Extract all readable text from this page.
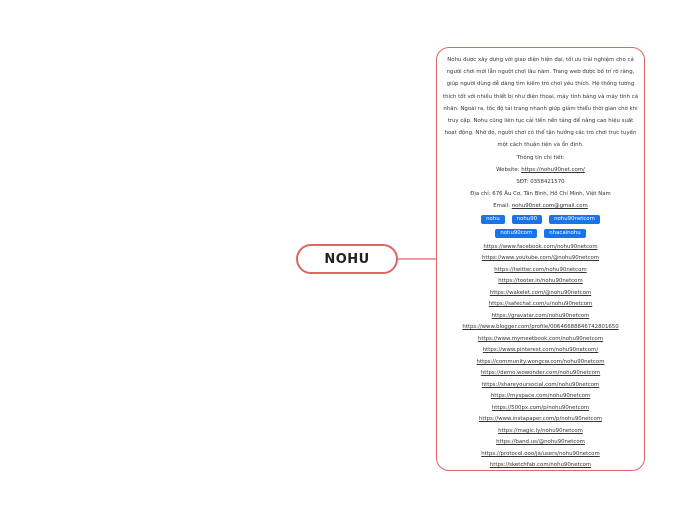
NOHU

Nohu được xây dựng với giao diện hiện đại, tối ưu trải nghiệm cho cả người chơi mới lẫn người chơi lâu năm. Trang web được bố trí rõ ràng, giúp người dùng dễ dàng tìm kiếm trò chơi yêu thích. Hệ thống tương thích tốt với nhiều thiết bị như điện thoại, máy tính bảng và máy tính cá nhân. Ngoài ra, tốc độ tải trang nhanh giúp giảm thiểu thời gian chờ khi truy cập. Nohu cũng liên tục cải tiến nền tảng để nâng cao hiệu suất hoạt động. Nhờ đó, người chơi có thể tận hưởng các trò chơi trực tuyến một cách thuận tiện và ổn định.

Thông tin chi tiết:

Website: https://nohu90net.com/

SĐT: 0358421570

Địa chỉ: 676 Âu Cơ, Tân Bình, Hồ Chí Minh, Việt Nam

Email: nohu90net.com@gmail.com

nohu	nohu90	nohu90netcom
nohu90com	nhacainohu
https://www.facebook.com/nohu90netcom
https://www.youtube.com/@nohu90netcom
https://twitter.com/nohu90netcom
https://tooter.in/nohu90netcom
https://wakelet.com/@nohu90netcom
https://safechat.com/u/nohu90netcom
https://gravatar.com/nohu90netcom
https://www.blogger.com/profile/00646688846742801650
https://www.mymeetbook.com/nohu90netcom
https://www.pinterest.com/nohu90netcom/
https://community.wongcw.com/nohu90netcom
https://demo.wowonder.com/nohu90netcom
https://shareyoursocial.com/nohu90netcom
https://myspace.com/nohu90netcom
https://500px.com/p/nohu90netcom
https://www.instapaper.com/p/nohu90netcom
https://magic.ly/nohu90netcom
https://band.us/@nohu90netcom
https://protocol.ooo/ja/users/nohu90netcom
https://sketchfab.com/nohu90netcom
